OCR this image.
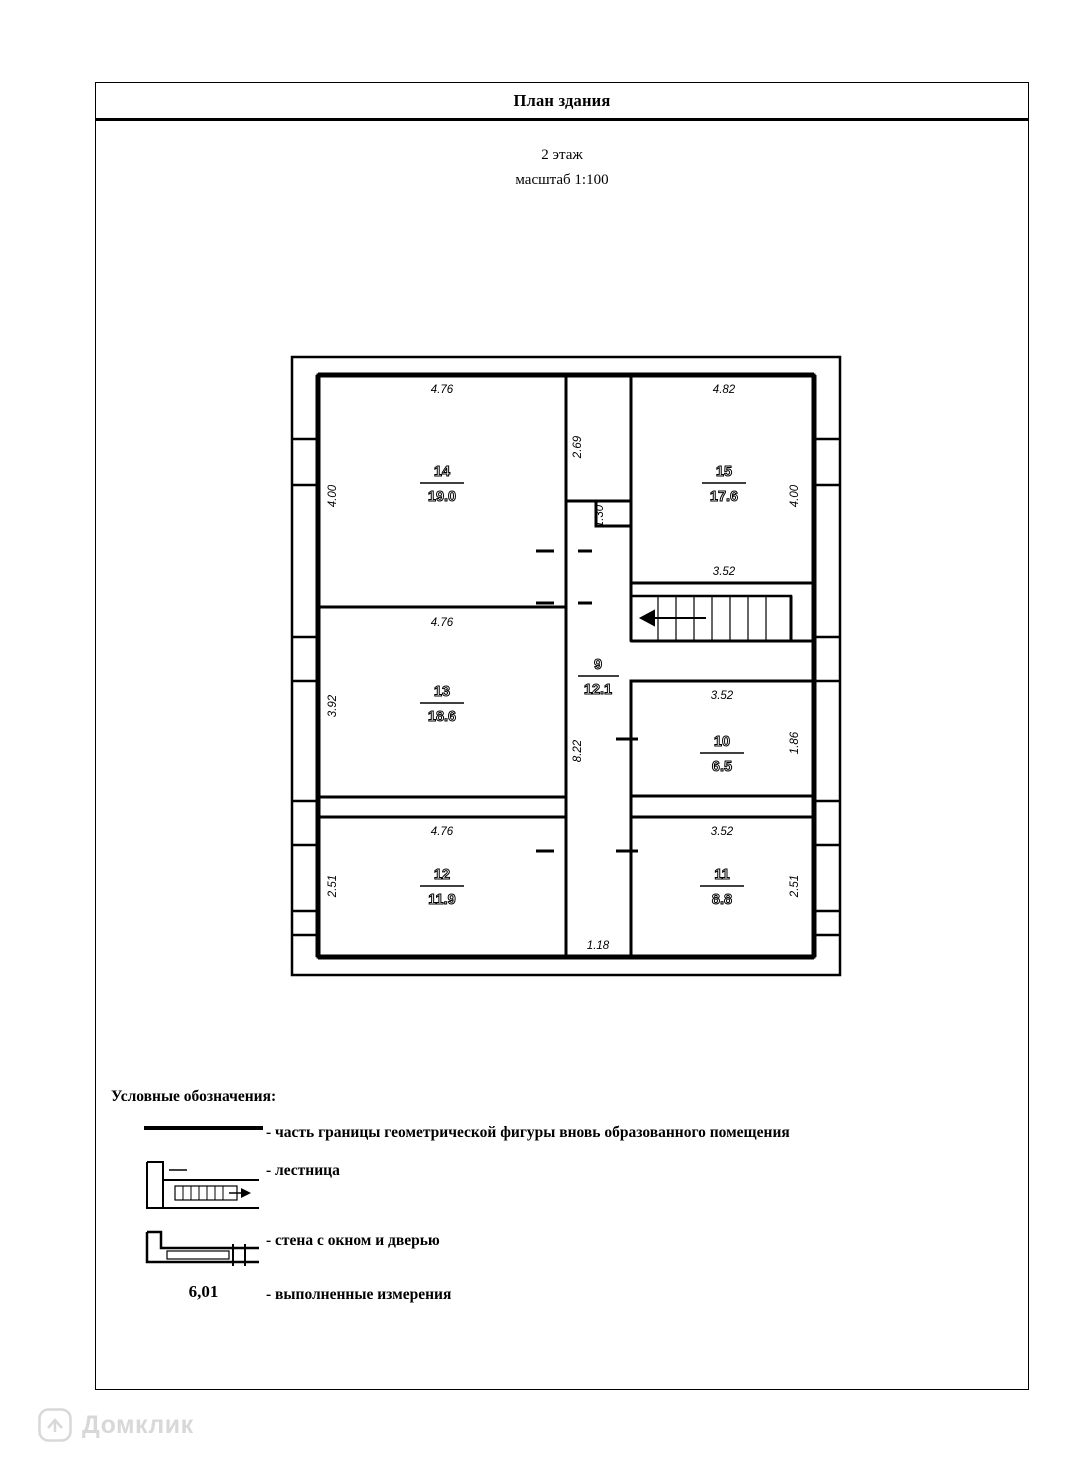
План здания
2 этаж
масштаб 1:100
14
19.0
15
17.6
13
18.6
9
12.1
10
6.5
12
11.9
11
8.8
4.76	4.82
4.00	4.00
2.69
1.30
3.52
4.76
3.92
8.22
3.52
1.86
4.76
2.51
3.52
2.51
1.18
Условные обозначения:
- часть границы геометрической фигуры вновь образованного помещения
- лестница
- стена с окном и дверью
6,01	- выполненные измерения
Домклик
